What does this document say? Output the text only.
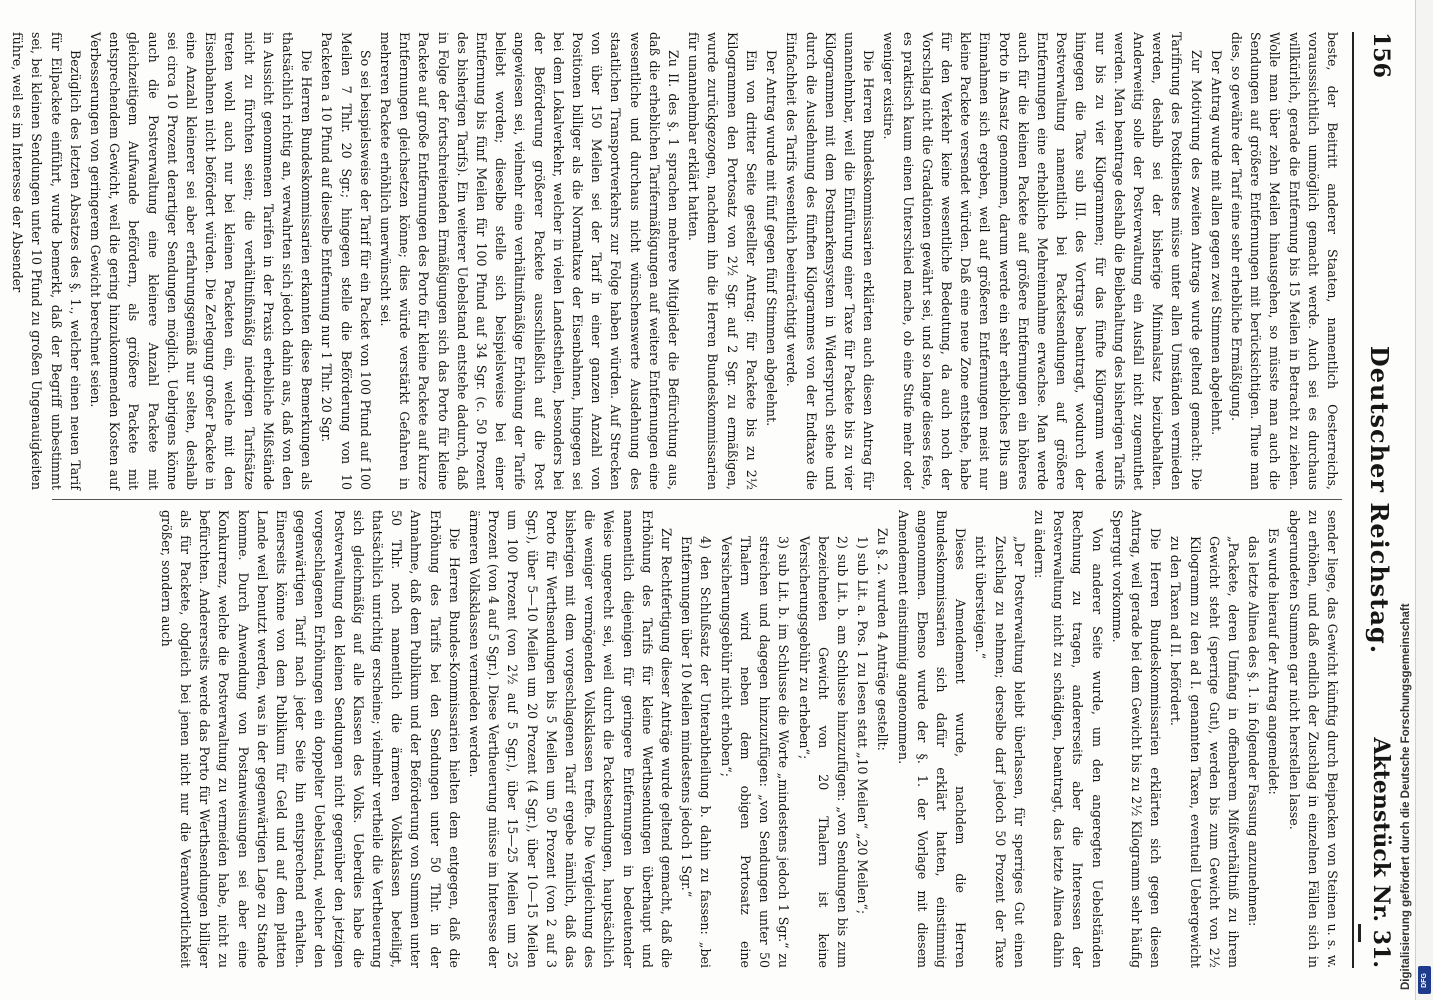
156
Deutscher Reichstag.
Aktenstück Nr. 31.

beste, der Beitritt anderer Staaten, namentlich Oesterreichs, vorausssichtlich unmöglich gemacht werde. Auch sei es durchaus willkürlich, gerade die Entfernung bis 15 Meilen in Betracht zu ziehen. Wolle man über zehn Meilen hinausgehen, so müsste man auch die Sendungen auf größere Entfernungen mit berücksichtigen. Thue man dies, so gewähre der Tarif eine sehr erhebliche Ermäßigung.

Der Antrag wurde mit allen gegen zwei Stimmen abgelehnt.

Zur Motivirung des zweiten Antrags wurde geltend gemacht: Die Tarifirung des Postdienstes müsse unter allen Umständen vermieden werden, deshalb sei der bisherige Minimalsatz beizubehalten. Anderweitig solle der Postverwaltung ein Ausfall nicht zugemuthet werden. Man beantrage deshalb die Beibehaltung des bisherigen Tarifs nur bis zu vier Kilogrammen; für das fünfte Kilogramm werde hingegen die Taxe sub III. des Vortrags beantragt, wodurch der Postverwaltung namentlich bei Packetsendungen auf größere Entfernungen eine erhebliche Mehreinnahme erwachse. Man werde auch für die kleinen Packete auf größere Entfernungen ein höheres Porto in Ansatz genommen, darum werde ein sehr erhebliches Plus am Einnahmen sich ergeben, weil auf größeren Entfernungen meist nur kleine Packete versendet würden. Daß eine neue Zone entstehe, habe für den Verkehr keine wesentliche Bedeutung, da auch noch der Vorschlag nicht die Gradationen gewährt sei, und so lange dieses feste, es praktisch kaum einen Unterschied mache, ob eine Stufe mehr oder weniger existire.

Die Herren Bundeskommissarien erklärten auch diesen Antrag für unannehmbar, weil die Einführung einer Taxe für Packete bis zu vier Kilogrammen mit dem Postmarkensystem in Widerspruch stehe und durch die Ausdehnung des fünften Kilogrammes von der Endtaxe die Einfachheit des Tarifs wesentlich beeinträchtigt werde.

Der Antrag wurde mit fünf gegen fünf Stimmen abgelehnt.

Ein von dritter Seite gestellter Antrag: für Packete bis zu 2½ Kilogrammen den Portosatz von 2½ Sgr. auf 2 Sgr. zu ermäßigen, wurde zurückgezogen, nachdem ihn die Herren Bundeskommissarien für unannehmbar erklärt hatten.

Zu II. des §. 1 sprachen mehrere Mitglieder die Befürchtung aus, daß die erheblichen Tarifermäßigungen auf weitere Entfernungen eine wesentliche und durchaus nicht wünschenswerte Ausdehnung des staatlichen Transportverkehrs zur Folge haben würden. Auf Strecken von über 150 Meilen sei der Tarif in einer ganzen Anzahl von Positionen billiger als die Normaltaxe der Eisenbahnen, hingegen sei bei dem Lokalverkehr, welcher in vielen Landestheilen, besonders bei der Beförderung größerer Packete ausschließlich auf die Post angewiesen sei, vielmehr eine verhältnißmäßige Erhöhung der Tarife beliebt worden; dieselbe stelle sich beispielsweise bei einer Entfernung bis fünf Meilen für 100 Pfund auf 34 Sgr. (c. 50 Prozent des bisherigen Tarifs). Ein weiterer Uebelstand entstehe dadurch, daß in Folge der fortschreitenden Ermäßigungen sich das Porto für kleine Packete auf große Entfernungen des Porto für kleine Packete auf kurze Entfernungen gleichsetzen könne; dies würde verstärkt Gefahren in mehreren Packete erhöhlich unerwünscht sei.

So sei beispielsweise der Tarif für ein Packet von 100 Pfund auf 100 Meilen 7 Thlr. 20 Sgr.; hingegen stelle die Beförderung von 10 Packeten a 10 Pfund auf dieselbe Entfernung nur 1 Thlr. 20 Sgr.

Die Herren Bundeskommissarien erkannten diese Bemerkungen als thatsächlich richtig an, verwahrten sich jedoch dahin aus, daß von den in Aussicht genommenen Tarifen in der Praxis erhebliche Mißstände nicht zu fürchten seien; die verhältnißmäßig niedrigen Tarifsätze treten wohl auch nur bei kleinen Packeten ein, welche mit den Eisenbahnen nicht befördert würden. Die Zerlegung großer Packete in eine Anzahl kleinerer sei aber erfahrungsgemäß nur selten, deshalb sei circa 10 Prozent derartiger Sendungen möglich. Uebrigens könne auch die Postverwaltung eine kleinere Anzahl Packete mit gleichzeitigem Aufwande befördern, als größere Packete mit entsprechendem Gewicht, weil die gering hinzukommenden Kosten auf Verbesserungen von geringerem Gewicht berechnet seien.

Bezüglich des letzten Absatzes des §. 1., welcher einen neuen Tarif für Eilpackete einführt, wurde bemerkt, daß der Begriff unbestimmt sei, bei kleinen Sendungen unter 10 Pfund zu großen Ungenauigkeiten führe, weil es im Interesse der Absender

sender liege, das Gewicht künftig durch Beipacken von Steinen u. s. w. zu erhöhen, und daß endlich der Zuschlag in einzelnen Fällen sich in abgerundeten Summen gar nicht herstellen lasse.

Es wurde hierauf der Antrag angemeldet:

das letzte Alinea des §. 1. in folgender Fassung anzunehmen:

„Packete, deren Umfang in offenbarem Mißverhältniß zu ihrem Gewicht steht (sperrige Gut), werden bis zum Gewicht von 2½ Kilogramm zu den ad I. genannten Taxen, eventuell Uebergewicht zu den Taxen ad II. befördert.

Die Herren Bundeskommissarien erklärten sich gegen diesen Antrag, weil gerade bei dem Gewicht bis zu 2½ Kilogramm sehr häufig Sperrgut vorkomme.

Von anderer Seite wurde, um den angeregten Uebelständen Rechnung zu tragen, andererseits aber die Interessen der Postverwaltung nicht zu schädigen, beantragt, das letzte Alinea dahin zu ändern:

„Der Postverwaltung bleibt überlassen, für sperriges Gut einen Zuschlag zu nehmen; derselbe darf jedoch 50 Prozent der Taxe nicht übersteigen.“

Dieses Amendement wurde, nachdem die Herren Bundeskommissarien sich dafür erklärt hatten, einstimmig angenommen. Ebenso wurde der §. 1. der Vorlage mit diesem Amendement einstimmig angenommen.

Zu §. 2. wurden 4 Anträge gestellt:

1) sub Lit. a. Pos. 1 zu lesen statt „10 Meilen“ „20 Meilen“;

2) sub Lit. b. am Schlusse hinzuzufügen: „von Sendungen bis zum bezeichneten Gewicht von 20 Thalern ist keine Versicherungsgebühr zu erheben“;

3) sub Lit. b. im Schlusse die Worte „mindestens jedoch 1 Sgr.“ zu streichen und dagegen hinzuzufügen: „von Sendungen unter 50 Thalern wird neben dem obigen Portosatz eine Versicherungsgebühr nicht erhoben“;

4) den Schlußsatz der Unterabtheilung b. dahin zu fassen: „bei Entfernungen über 10 Meilen mindestens jedoch 1 Sgr.“

Zur Rechtfertigung dieser Anträge wurde geltend gemacht, daß die Erhöhung des Tarifs für kleine Werthsendungen überhaupt und namentlich diejenigen für geringere Entfernungen in bedeutender Weise ungerecht sei, weil durch die Packetsendungen, hauptsächlich die weniger vermögenden Volksklassen treffe. Die Vergleichung des bisherigen mit dem vorgeschlagenen Tarif ergebe nämlich, daß das Porto für Werthsendungen bis 5 Meilen um 50 Prozent (von 2 auf 3 Sgr.), über 5—10 Meilen um 20 Prozent (4 Sgr.), über 10—15 Meilen um 100 Prozent (von 2½ auf 5 Sgr.), über 15—25 Meilen um 25 Prozent (von 4 auf 5 Sgr.). Diese Vertheuerung müsse im Interesse der ärmeren Volksklassen vermieden werden.

Die Herren Bundes-Kommissarien hielten dem entgegen, daß die Erhöhung des Tarifs bei den Sendungen unter 50 Thlr. in der Annahme, daß dem Publikum und der Beförderung von Summen unter 50 Thlr. noch namentlich die ärmeren Volksklassen beteiligt, thatsächlich unrichtig erscheine; vielmehr vertheile die Vertheuerung sich gleichmäßig auf alle Klassen des Volks. Ueberdies habe die Postverwaltung den kleinen Sendungen nicht gegenüber den jetzigen vorgeschlagenen Erhöhungen ein doppelter Uebelstand, welcher den gegenwärtigen Tarif nach jeder Seite hin entsprechend erhalten. Einerseits könne von dem Publikum für Geld und auf dem platten Lande weil benutzt werden, was in der gegenwärtigen Lage zu Stande komme. Durch Anwendung von Postanweisungen sei aber eine Konkurrenz, welche die Postverwaltung zu vermeiden habe, nicht zu befürchten. Andererseits werde das Porto für Werthsendungen billiger als für Packete, obgleich bei jenen nicht nur die Verantwortlichkeit größer, sondern auch

Digitalisierung gefördert durch die Deutsche Forschungsgemeinschaft DFG
